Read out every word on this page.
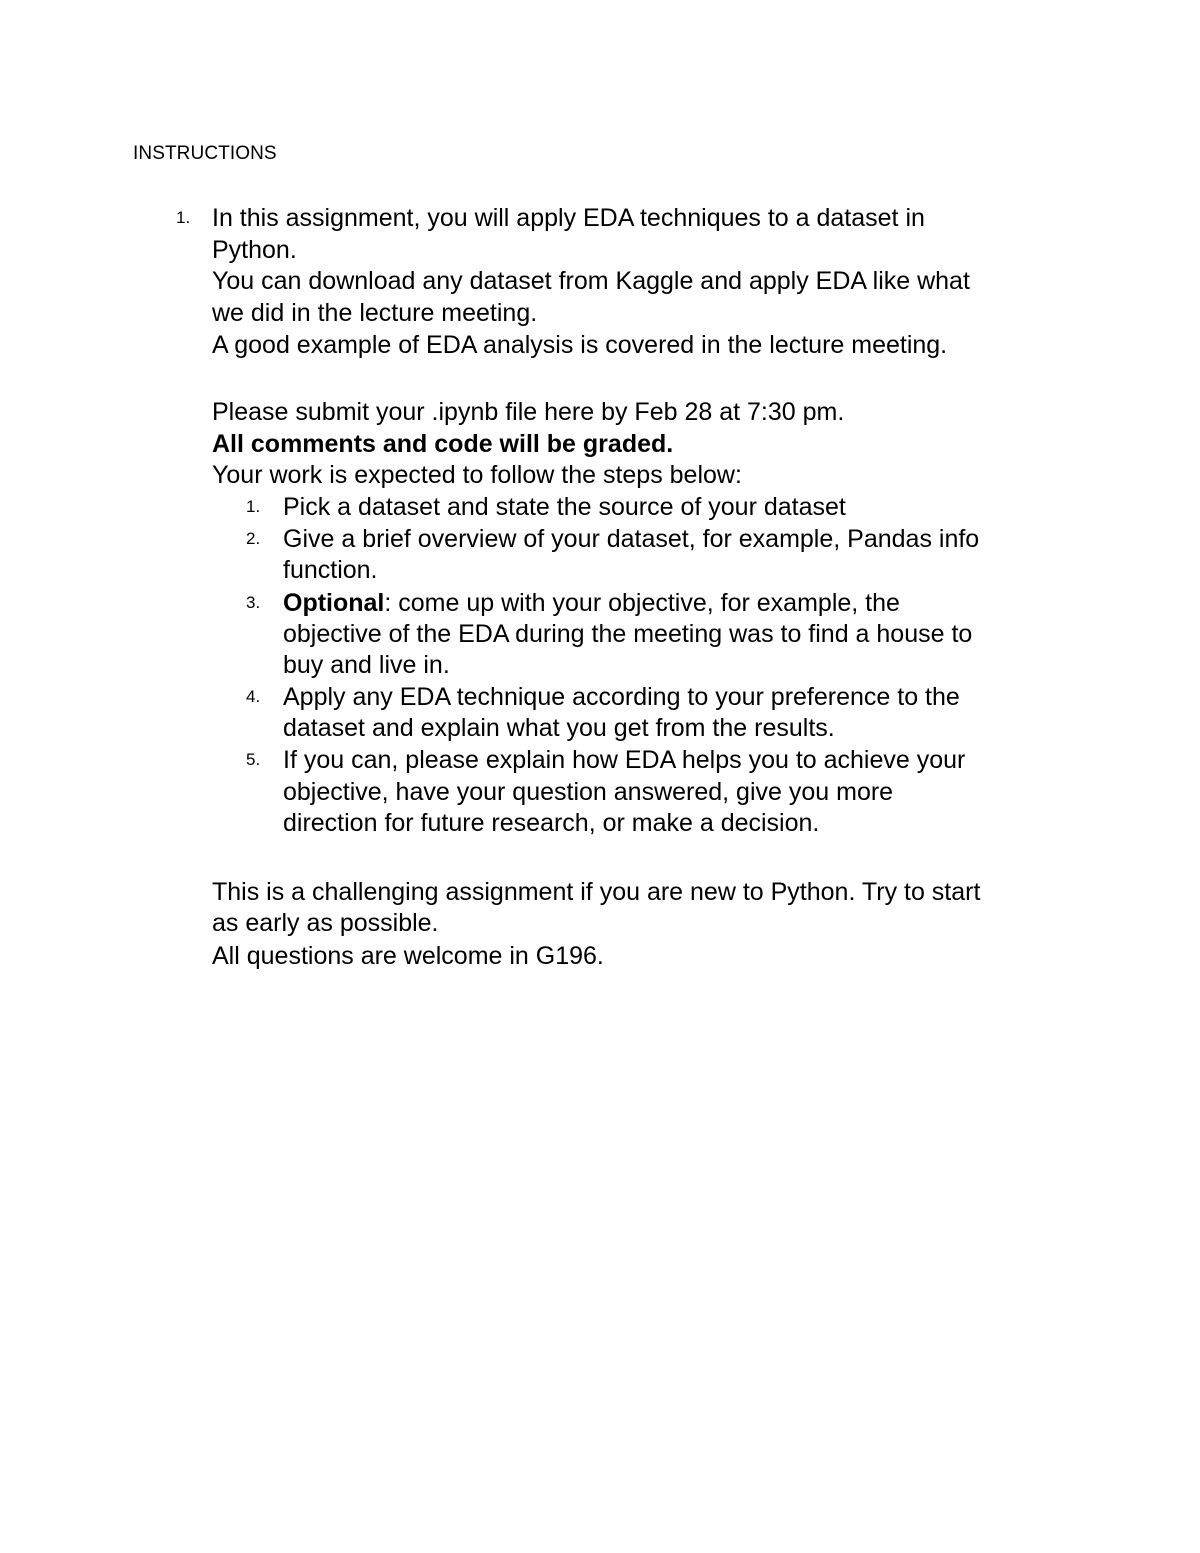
INSTRUCTIONS
1. In this assignment, you will apply EDA techniques to a dataset in
Python.
You can download any dataset from Kaggle and apply EDA like what
we did in the lecture meeting.
A good example of EDA analysis is covered in the lecture meeting.
Please submit your .ipynb file here by Feb 28 at 7:30 pm.
All comments and code will be graded.
Your work is expected to follow the steps below:
1. Pick a dataset and state the source of your dataset
2. Give a brief overview of your dataset, for example, Pandas info
function.
3. Optional: come up with your objective, for example, the
objective of the EDA during the meeting was to find a house to
buy and live in.
4. Apply any EDA technique according to your preference to the
dataset and explain what you get from the results.
5. If you can, please explain how EDA helps you to achieve your
objective, have your question answered, give you more
direction for future research, or make a decision.
This is a challenging assignment if you are new to Python. Try to start
as early as possible.
All questions are welcome in G196.
